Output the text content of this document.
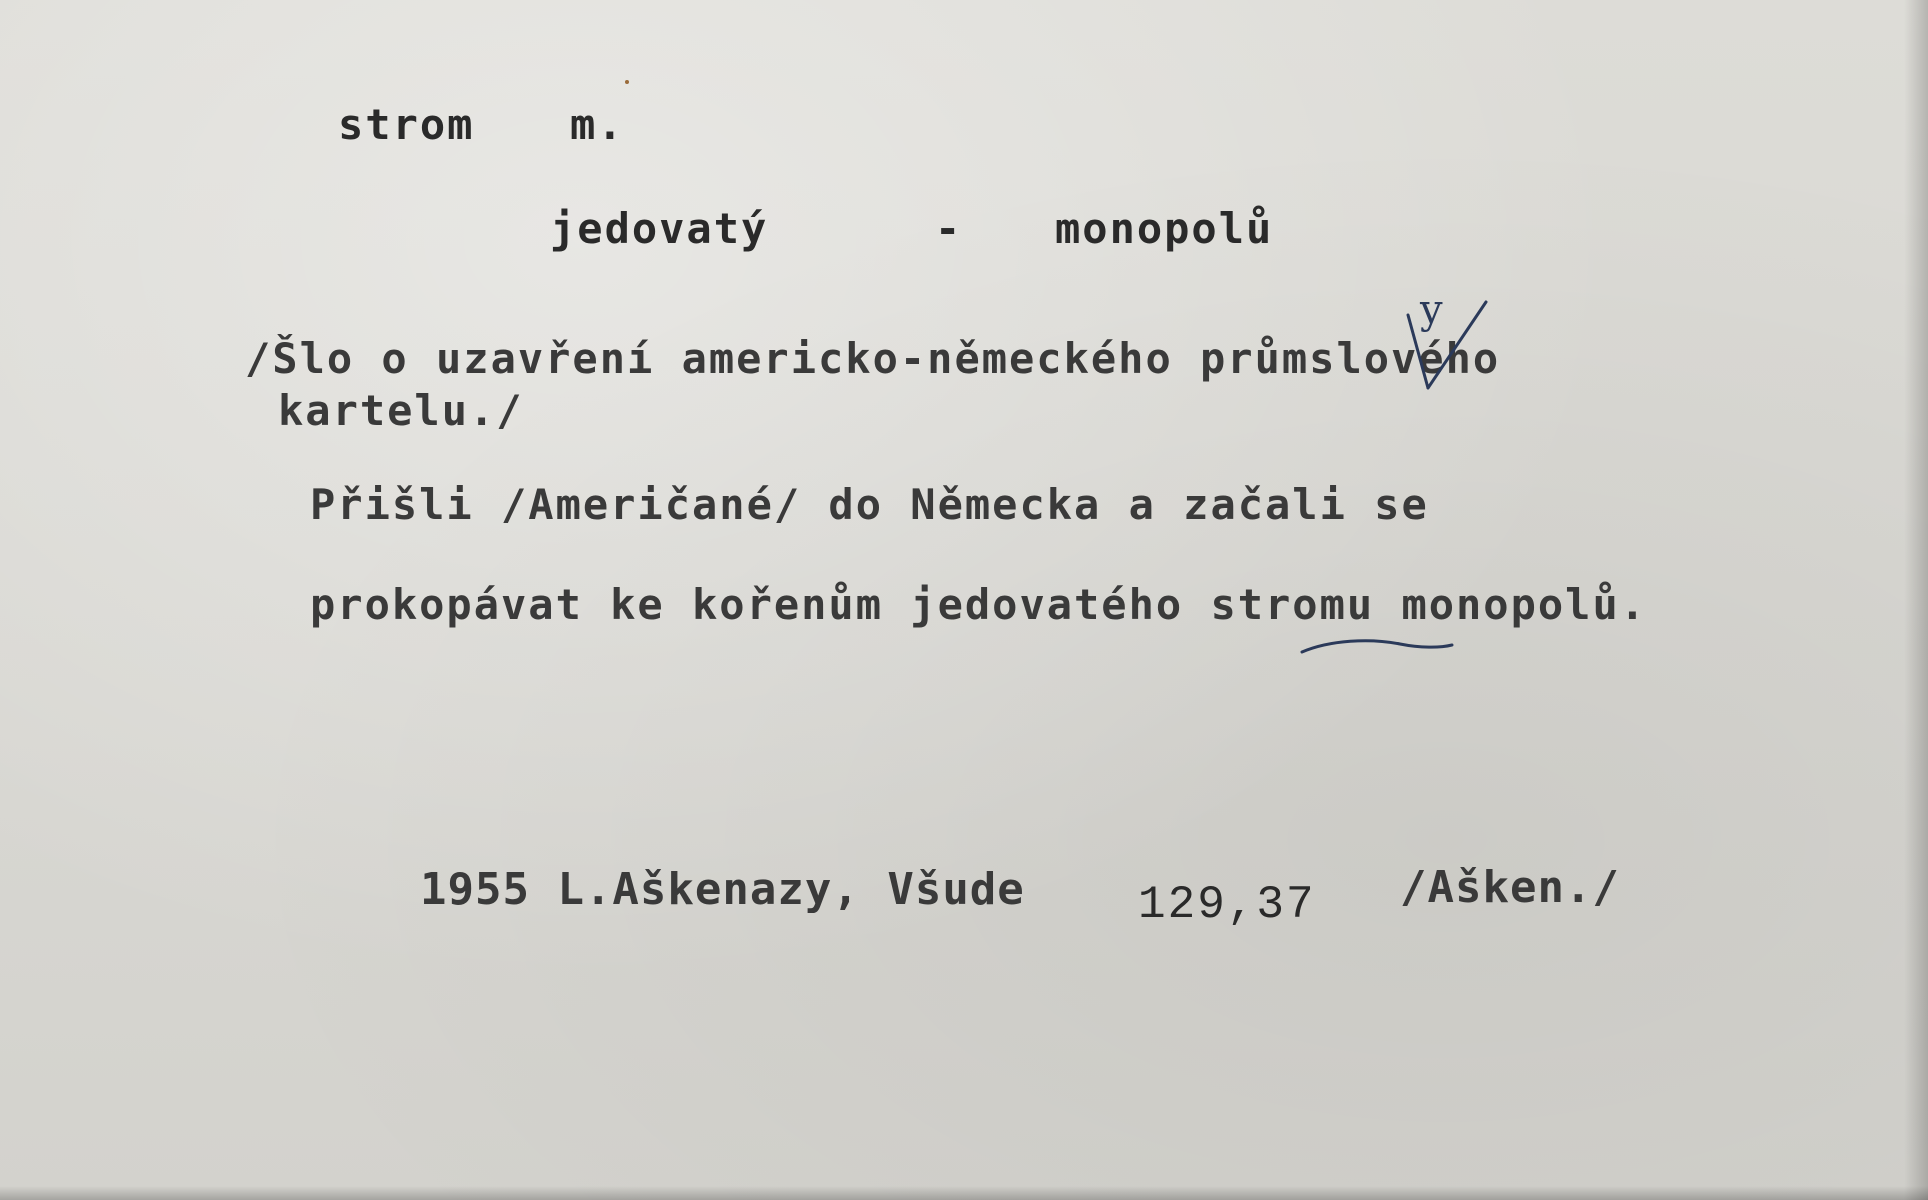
strom m.
jedovatý	- monopolů
/Šlo o uzavření americko-německého průmslového
kartelu./
y
Přišli /Američané/ do Německa a začali se
prokopávat ke kořenům jedovatého stromu monopolů.
1955 L.Aškenazy, Všude 129,37 /Ašken./
